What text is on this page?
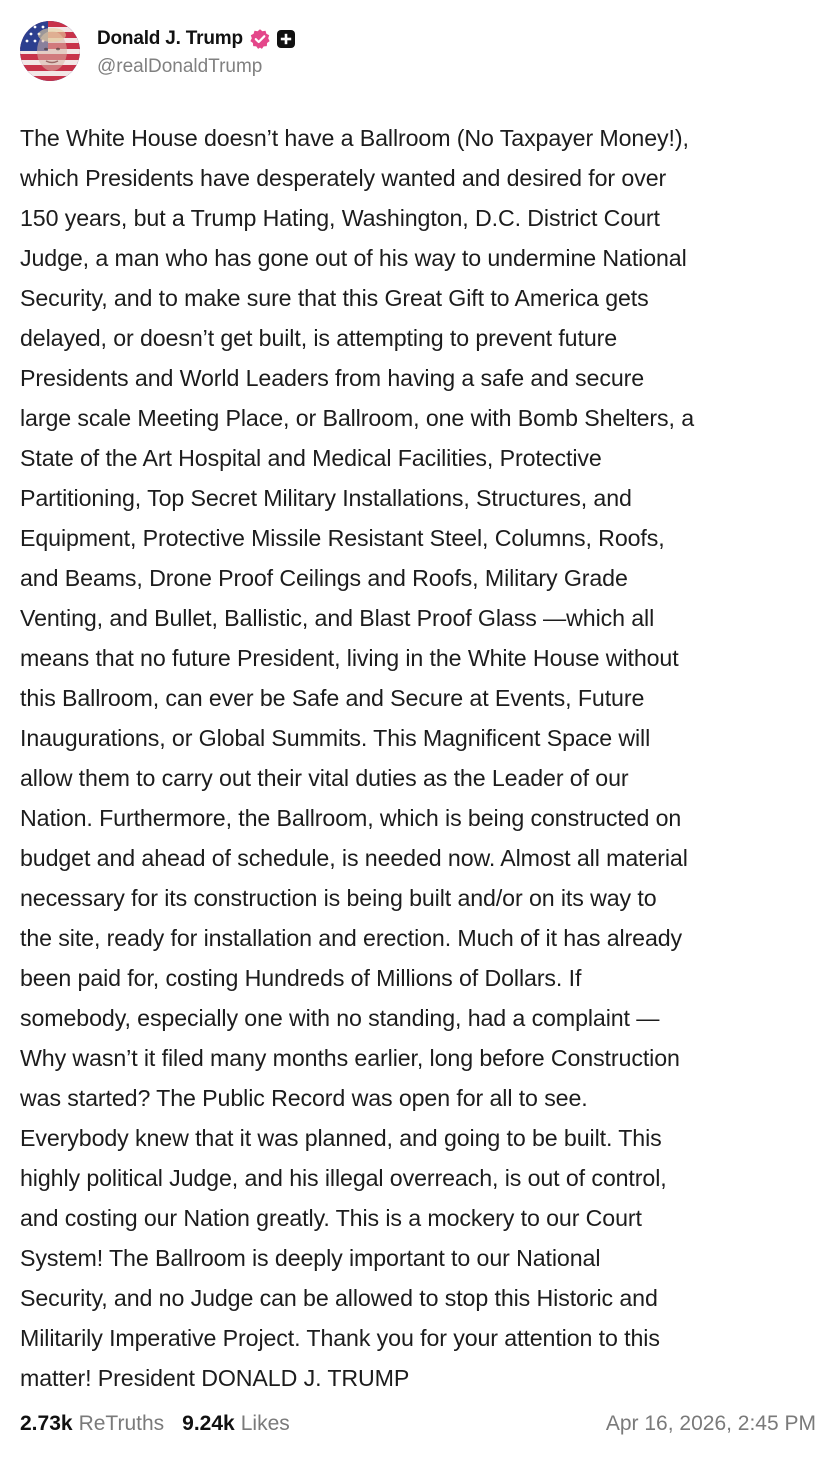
Donald J. Trump
@realDonaldTrump
The White House doesn’t have a Ballroom (No Taxpayer Money!),
which Presidents have desperately wanted and desired for over
150 years, but a Trump Hating, Washington, D.C. District Court
Judge, a man who has gone out of his way to undermine National
Security, and to make sure that this Great Gift to America gets
delayed, or doesn’t get built, is attempting to prevent future
Presidents and World Leaders from having a safe and secure
large scale Meeting Place, or Ballroom, one with Bomb Shelters, a
State of the Art Hospital and Medical Facilities, Protective
Partitioning, Top Secret Military Installations, Structures, and
Equipment, Protective Missile Resistant Steel, Columns, Roofs,
and Beams, Drone Proof Ceilings and Roofs, Military Grade
Venting, and Bullet, Ballistic, and Blast Proof Glass —which all
means that no future President, living in the White House without
this Ballroom, can ever be Safe and Secure at Events, Future
Inaugurations, or Global Summits. This Magnificent Space will
allow them to carry out their vital duties as the Leader of our
Nation. Furthermore, the Ballroom, which is being constructed on
budget and ahead of schedule, is needed now. Almost all material
necessary for its construction is being built and/or on its way to
the site, ready for installation and erection. Much of it has already
been paid for, costing Hundreds of Millions of Dollars. If
somebody, especially one with no standing, had a complaint —
Why wasn’t it filed many months earlier, long before Construction
was started? The Public Record was open for all to see.
Everybody knew that it was planned, and going to be built. This
highly political Judge, and his illegal overreach, is out of control,
and costing our Nation greatly. This is a mockery to our Court
System! The Ballroom is deeply important to our National
Security, and no Judge can be allowed to stop this Historic and
Militarily Imperative Project. Thank you for your attention to this
matter! President DONALD J. TRUMP
2.73k ReTruths 9.24k Likes	Apr 16, 2026, 2:45 PM
